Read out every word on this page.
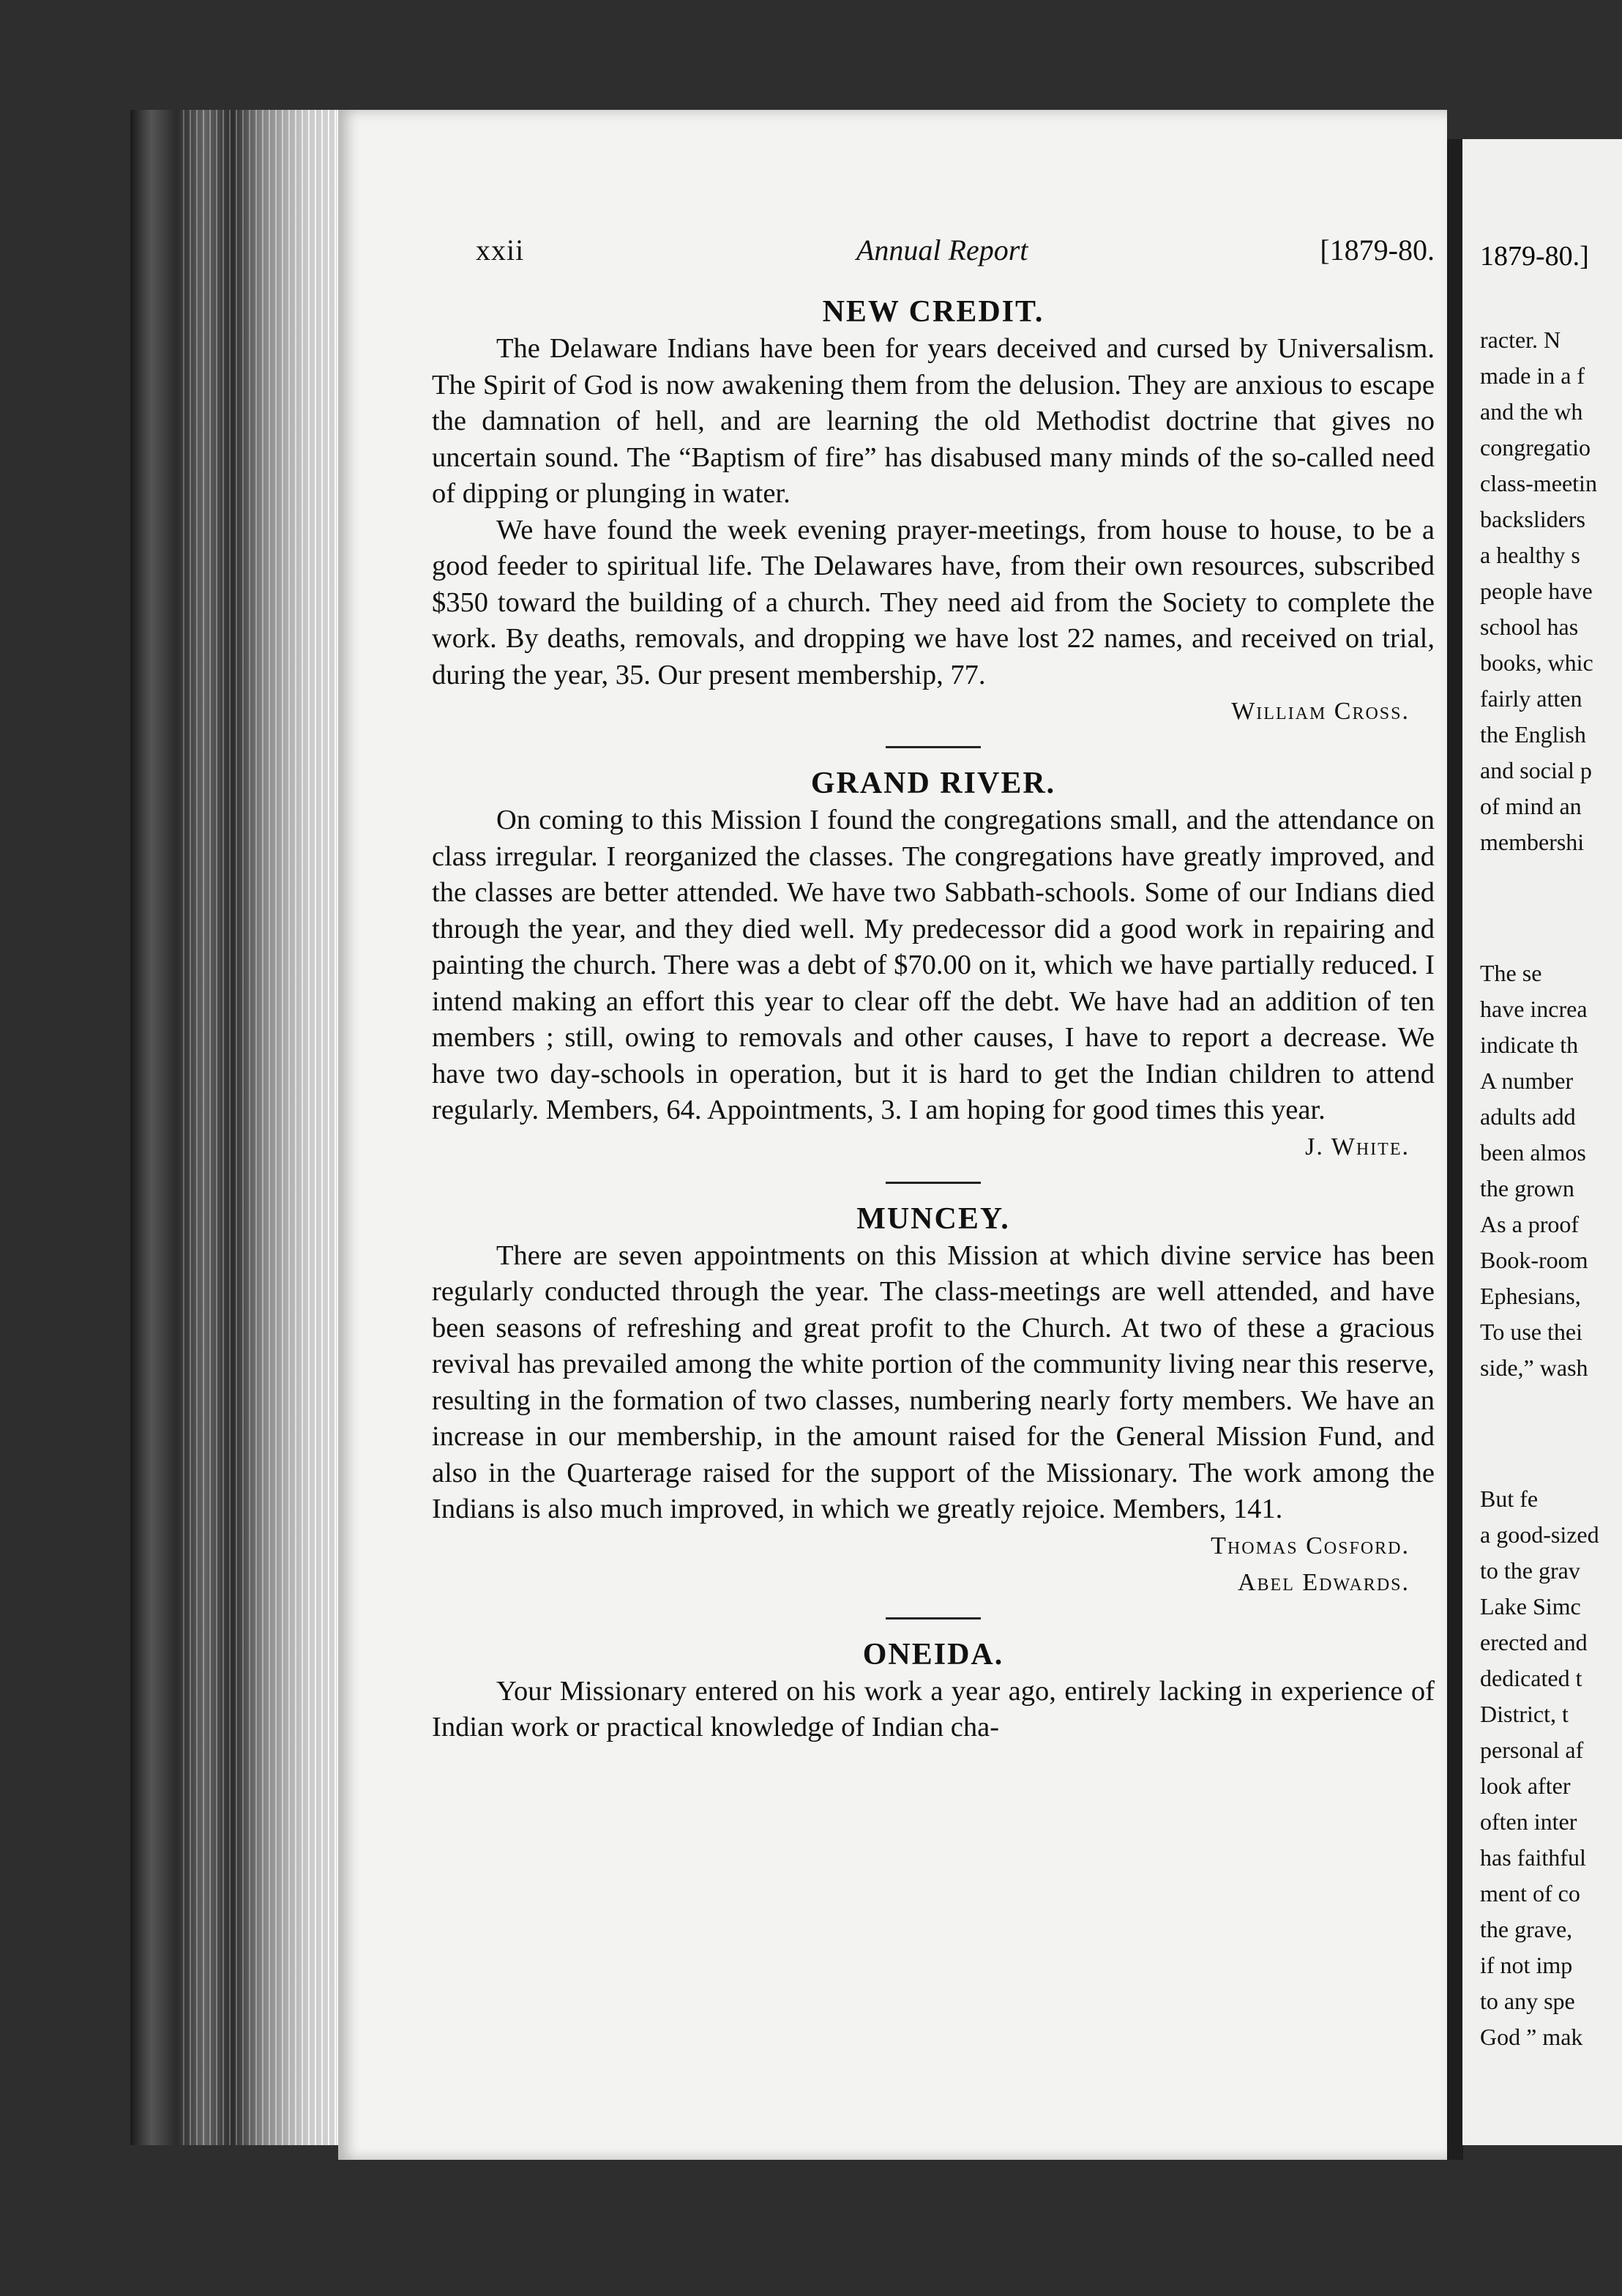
1879-80.]
xxii	Annual Report	[1879-80.
NEW CREDIT.

The Delaware Indians have been for years deceived and cursed by Universalism. The Spirit of God is now awakening them from the delusion. They are anxious to escape the damnation of hell, and are learning the old Methodist doctrine that gives no uncertain sound. The “Baptism of fire” has disabused many minds of the so-called need of dipping or plunging in water.

We have found the week evening prayer-meetings, from house to house, to be a good feeder to spiritual life. The Delawares have, from their own resources, subscribed $350 toward the building of a church. They need aid from the Society to complete the work. By deaths, removals, and dropping we have lost 22 names, and received on trial, during the year, 35. Our present membership, 77.

William Cross.
GRAND RIVER.

On coming to this Mission I found the congregations small, and the attendance on class irregular. I reorganized the classes. The congregations have greatly improved, and the classes are better attended. We have two Sabbath-schools. Some of our Indians died through the year, and they died well. My predecessor did a good work in repairing and painting the church. There was a debt of $70.00 on it, which we have partially reduced. I intend making an effort this year to clear off the debt. We have had an addition of ten members ; still, owing to removals and other causes, I have to report a decrease. We have two day-schools in operation, but it is hard to get the Indian children to attend regularly. Members, 64. Appointments, 3. I am hoping for good times this year.

J. White.
MUNCEY.

There are seven appointments on this Mission at which divine service has been regularly conducted through the year. The class-meetings are well attended, and have been seasons of refreshing and great profit to the Church. At two of these a gracious revival has prevailed among the white portion of the community living near this reserve, resulting in the formation of two classes, numbering nearly forty members. We have an increase in our membership, in the amount raised for the General Mission Fund, and also in the Quarterage raised for the support of the Missionary. The work among the Indians is also much improved, in which we greatly rejoice. Members, 141.

Thomas Cosford.
Abel Edwards.
ONEIDA.

Your Missionary entered on his work a year ago, entirely lacking in experience of Indian work or practical knowledge of Indian cha-

racter. N
made in a f
and the wh
congregatio
class-meetin
backsliders
a healthy s
people have
school has
books, whic
fairly atten
the English
and social p
of mind an
membershi
The se
have increa
indicate th
A number
adults add
been almos
the grown
As a proof
Book-room
Ephesians,
To use thei
side,” wash
But fe
a good-sized
to the grav
Lake Simc
erected and
dedicated t
District, t
personal af
look after
often inter
has faithful
ment of co
the grave,
if not imp
to any spe
God ” mak
